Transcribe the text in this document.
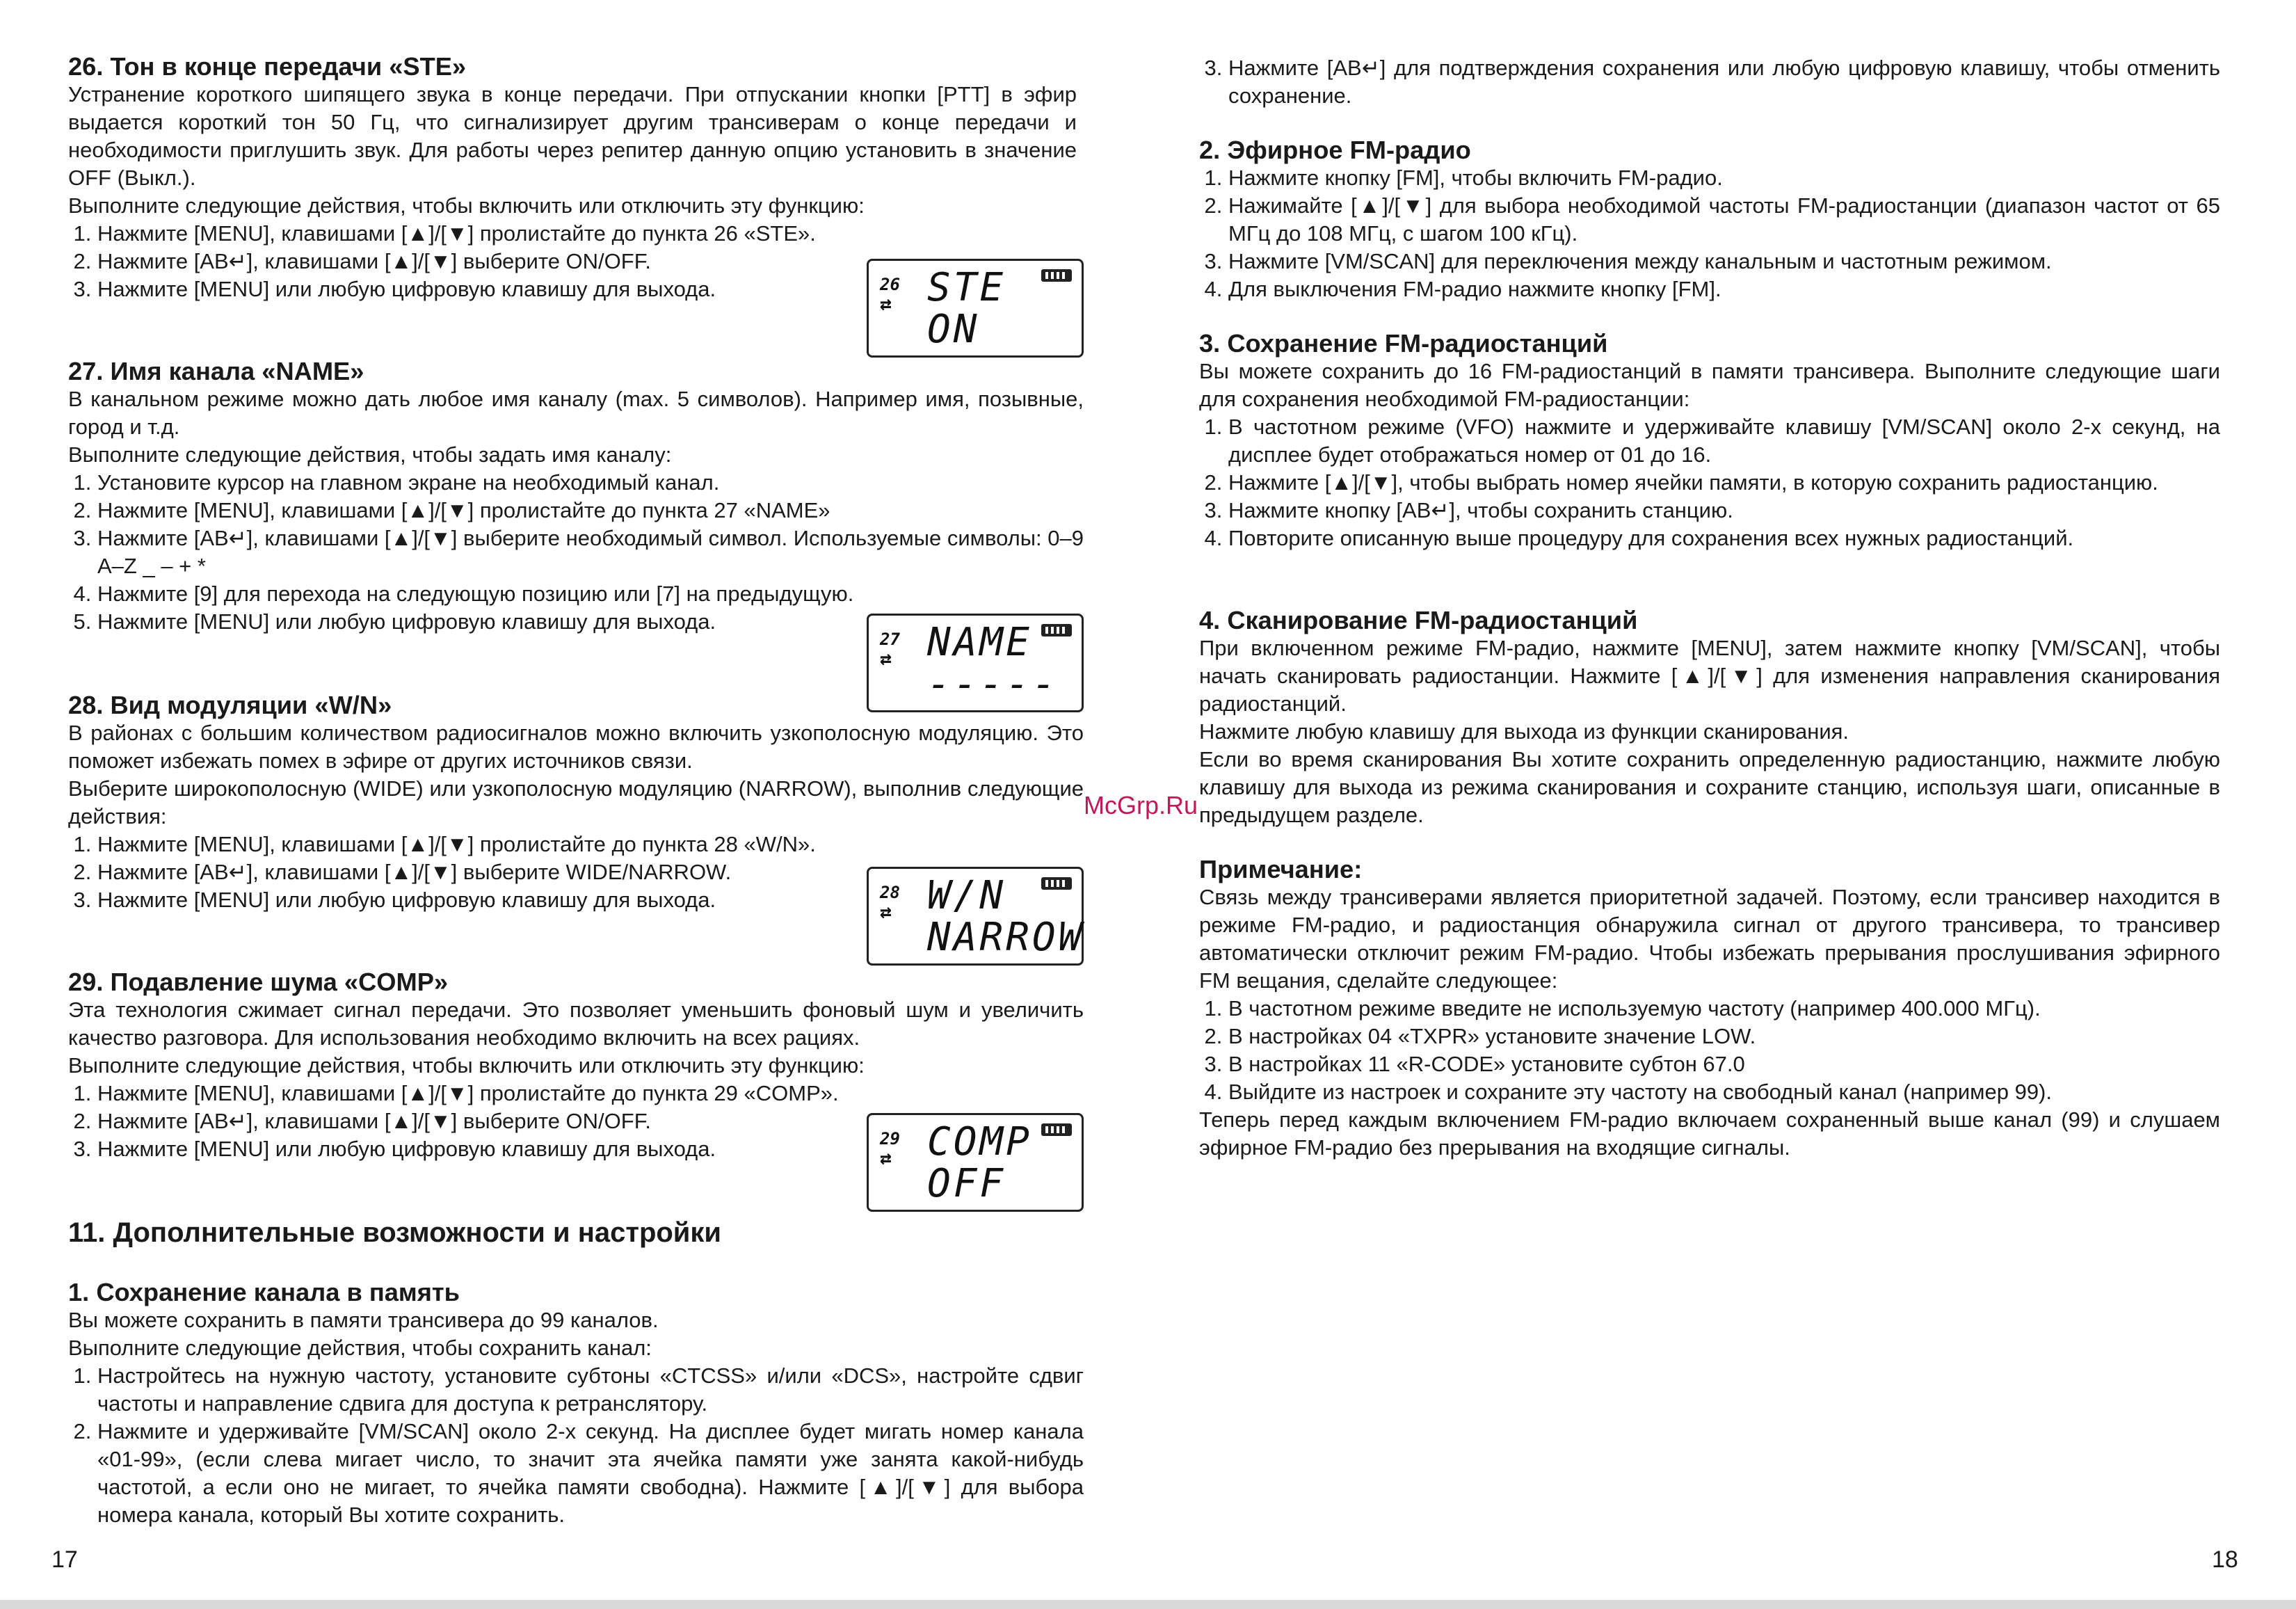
26. Тон в конце передачи «STE»

Устранение короткого шипящего звука в конце передачи. При отпускании кнопки [PTT] в эфир выдается короткий тон 50 Гц, что сигнализирует другим трансиверам о конце передачи и необходимости приглушить звук. Для работы через репитер данную опцию установить в значение OFF (Выкл.).

Выполните следующие действия, чтобы включить или отключить эту функцию:

1. Нажмите [MENU], клавишами [▲]/[▼] пролистайте до пункта 26 «STE».
2. Нажмите [AB↵], клавишами [▲]/[▼] выберите ON/OFF.
3. Нажмите [MENU] или любую цифровую клавишу для выхода.	26
⇄ STE
ON
27. Имя канала «NAME»

В канальном режиме можно дать любое имя каналу (max. 5 символов). Например имя, позывные, город и т.д.

Выполните следующие действия, чтобы задать имя каналу:

1. Установите курсор на главном экране на необходимый канал.
2. Нажмите [MENU], клавишами [▲]/[▼] пролистайте до пункта 27 «NAME»
3. Нажмите [AB↵], клавишами [▲]/[▼] выберите необходимый символ. Используемые символы: 0–9 A–Z _ – + *
4. Нажмите [9] для перехода на следующую позицию или [7] на предыдущую.
5. Нажмите [MENU] или любую цифровую клавишу для выхода.
27
⇄ NAME
-----
28. Вид модуляции «W/N»

В районах с большим количеством радиосигналов можно включить узкополосную модуляцию. Это поможет избежать помех в эфире от других источников связи.

Выберите широкополосную (WIDE) или узкополосную модуляцию (NARROW), выполнив следующие действия:

1. Нажмите [MENU], клавишами [▲]/[▼] пролистайте до пункта 28 «W/N».
2. Нажмите [AB↵], клавишами [▲]/[▼] выберите WIDE/NARROW.
3. Нажмите [MENU] или любую цифровую клавишу для выхода.	28
⇄ W/N
NARROW
29. Подавление шума «COMP»

Эта технология сжимает сигнал передачи. Это позволяет уменьшить фоновый шум и увеличить качество разговора. Для использования необходимо включить на всех рациях.

Выполните следующие действия, чтобы включить или отключить эту функцию:

1. Нажмите [MENU], клавишами [▲]/[▼] пролистайте до пункта 29 «COMP».
2. Нажмите [AB↵], клавишами [▲]/[▼] выберите ON/OFF.
3. Нажмите [MENU] или любую цифровую клавишу для выхода.	29
⇄ COMP
OFF
11. Дополнительные возможности и настройки
1. Сохранение канала в память

Вы можете сохранить в памяти трансивера до 99 каналов.

Выполните следующие действия, чтобы сохранить канал:

1. Настройтесь на нужную частоту, установите субтоны «CTCSS» и/или «DCS», настройте сдвиг частоты и направление сдвига для доступа к ретранслятору.
2. Нажмите и удерживайте [VM/SCAN] около 2-х секунд. На дисплее будет мигать номер канала «01-99», (если слева мигает число, то значит эта ячейка памяти уже занята какой-нибудь частотой, а если оно не мигает, то ячейка памяти свободна). Нажмите [▲]/[▼] для выбора номера канала, который Вы хотите сохранить.
17
3. Нажмите [AB↵] для подтверждения сохранения или любую цифровую клавишу, чтобы отменить сохранение.
2. Эфирное FM-радио
1. Нажмите кнопку [FM], чтобы включить FM-радио.
2. Нажимайте [▲]/[▼] для выбора необходимой частоты FM-радиостанции (диапазон частот от 65 МГц до 108 МГц, с шагом 100 кГц).
3. Нажмите [VM/SCAN] для переключения между канальным и частотным режимом.
4. Для выключения FM-радио нажмите кнопку [FM].
3. Сохранение FM-радиостанций

Вы можете сохранить до 16 FM-радиостанций в памяти трансивера. Выполните следующие шаги для сохранения необходимой FM-радиостанции:

1. В частотном режиме (VFO) нажмите и удерживайте клавишу [VM/SCAN] около 2-х секунд, на дисплее будет отображаться номер от 01 до 16.
2. Нажмите [▲]/[▼], чтобы выбрать номер ячейки памяти, в которую сохранить радиостанцию.
3. Нажмите кнопку [AB↵], чтобы сохранить станцию.
4. Повторите описанную выше процедуру для сохранения всех нужных радиостанций.
4. Сканирование FM-радиостанций

При включенном режиме FM-радио, нажмите [MENU], затем нажмите кнопку [VM/SCAN], чтобы начать сканировать радиостанции. Нажмите [▲]/[▼] для изменения направления сканирования радиостанций.

Нажмите любую клавишу для выхода из функции сканирования.

Если во время сканирования Вы хотите сохранить определенную радиостанцию, нажмите любую клавишу для выхода из режима сканирования и сохраните станцию, используя шаги, описанные в предыдущем разделе.

Примечание:

Связь между трансиверами является приоритетной задачей. Поэтому, если трансивер находится в режиме FM-радио, и радиостанция обнаружила сигнал от другого трансивера, то трансивер автоматически отключит режим FM-радио. Чтобы избежать прерывания прослушивания эфирного FM вещания, сделайте следующее:

1. В частотном режиме введите не используемую частоту (например 400.000 МГц).
2. В настройках 04 «TXPR» установите значение LOW.
3. В настройках 11 «R-CODE» установите субтон 67.0
4. Выйдите из настроек и сохраните эту частоту на свободный канал (например 99).

Теперь перед каждым включением FM-радио включаем сохраненный выше канал (99) и слушаем эфирное FM-радио без прерывания на входящие сигналы.

18
McGrp.Ru
